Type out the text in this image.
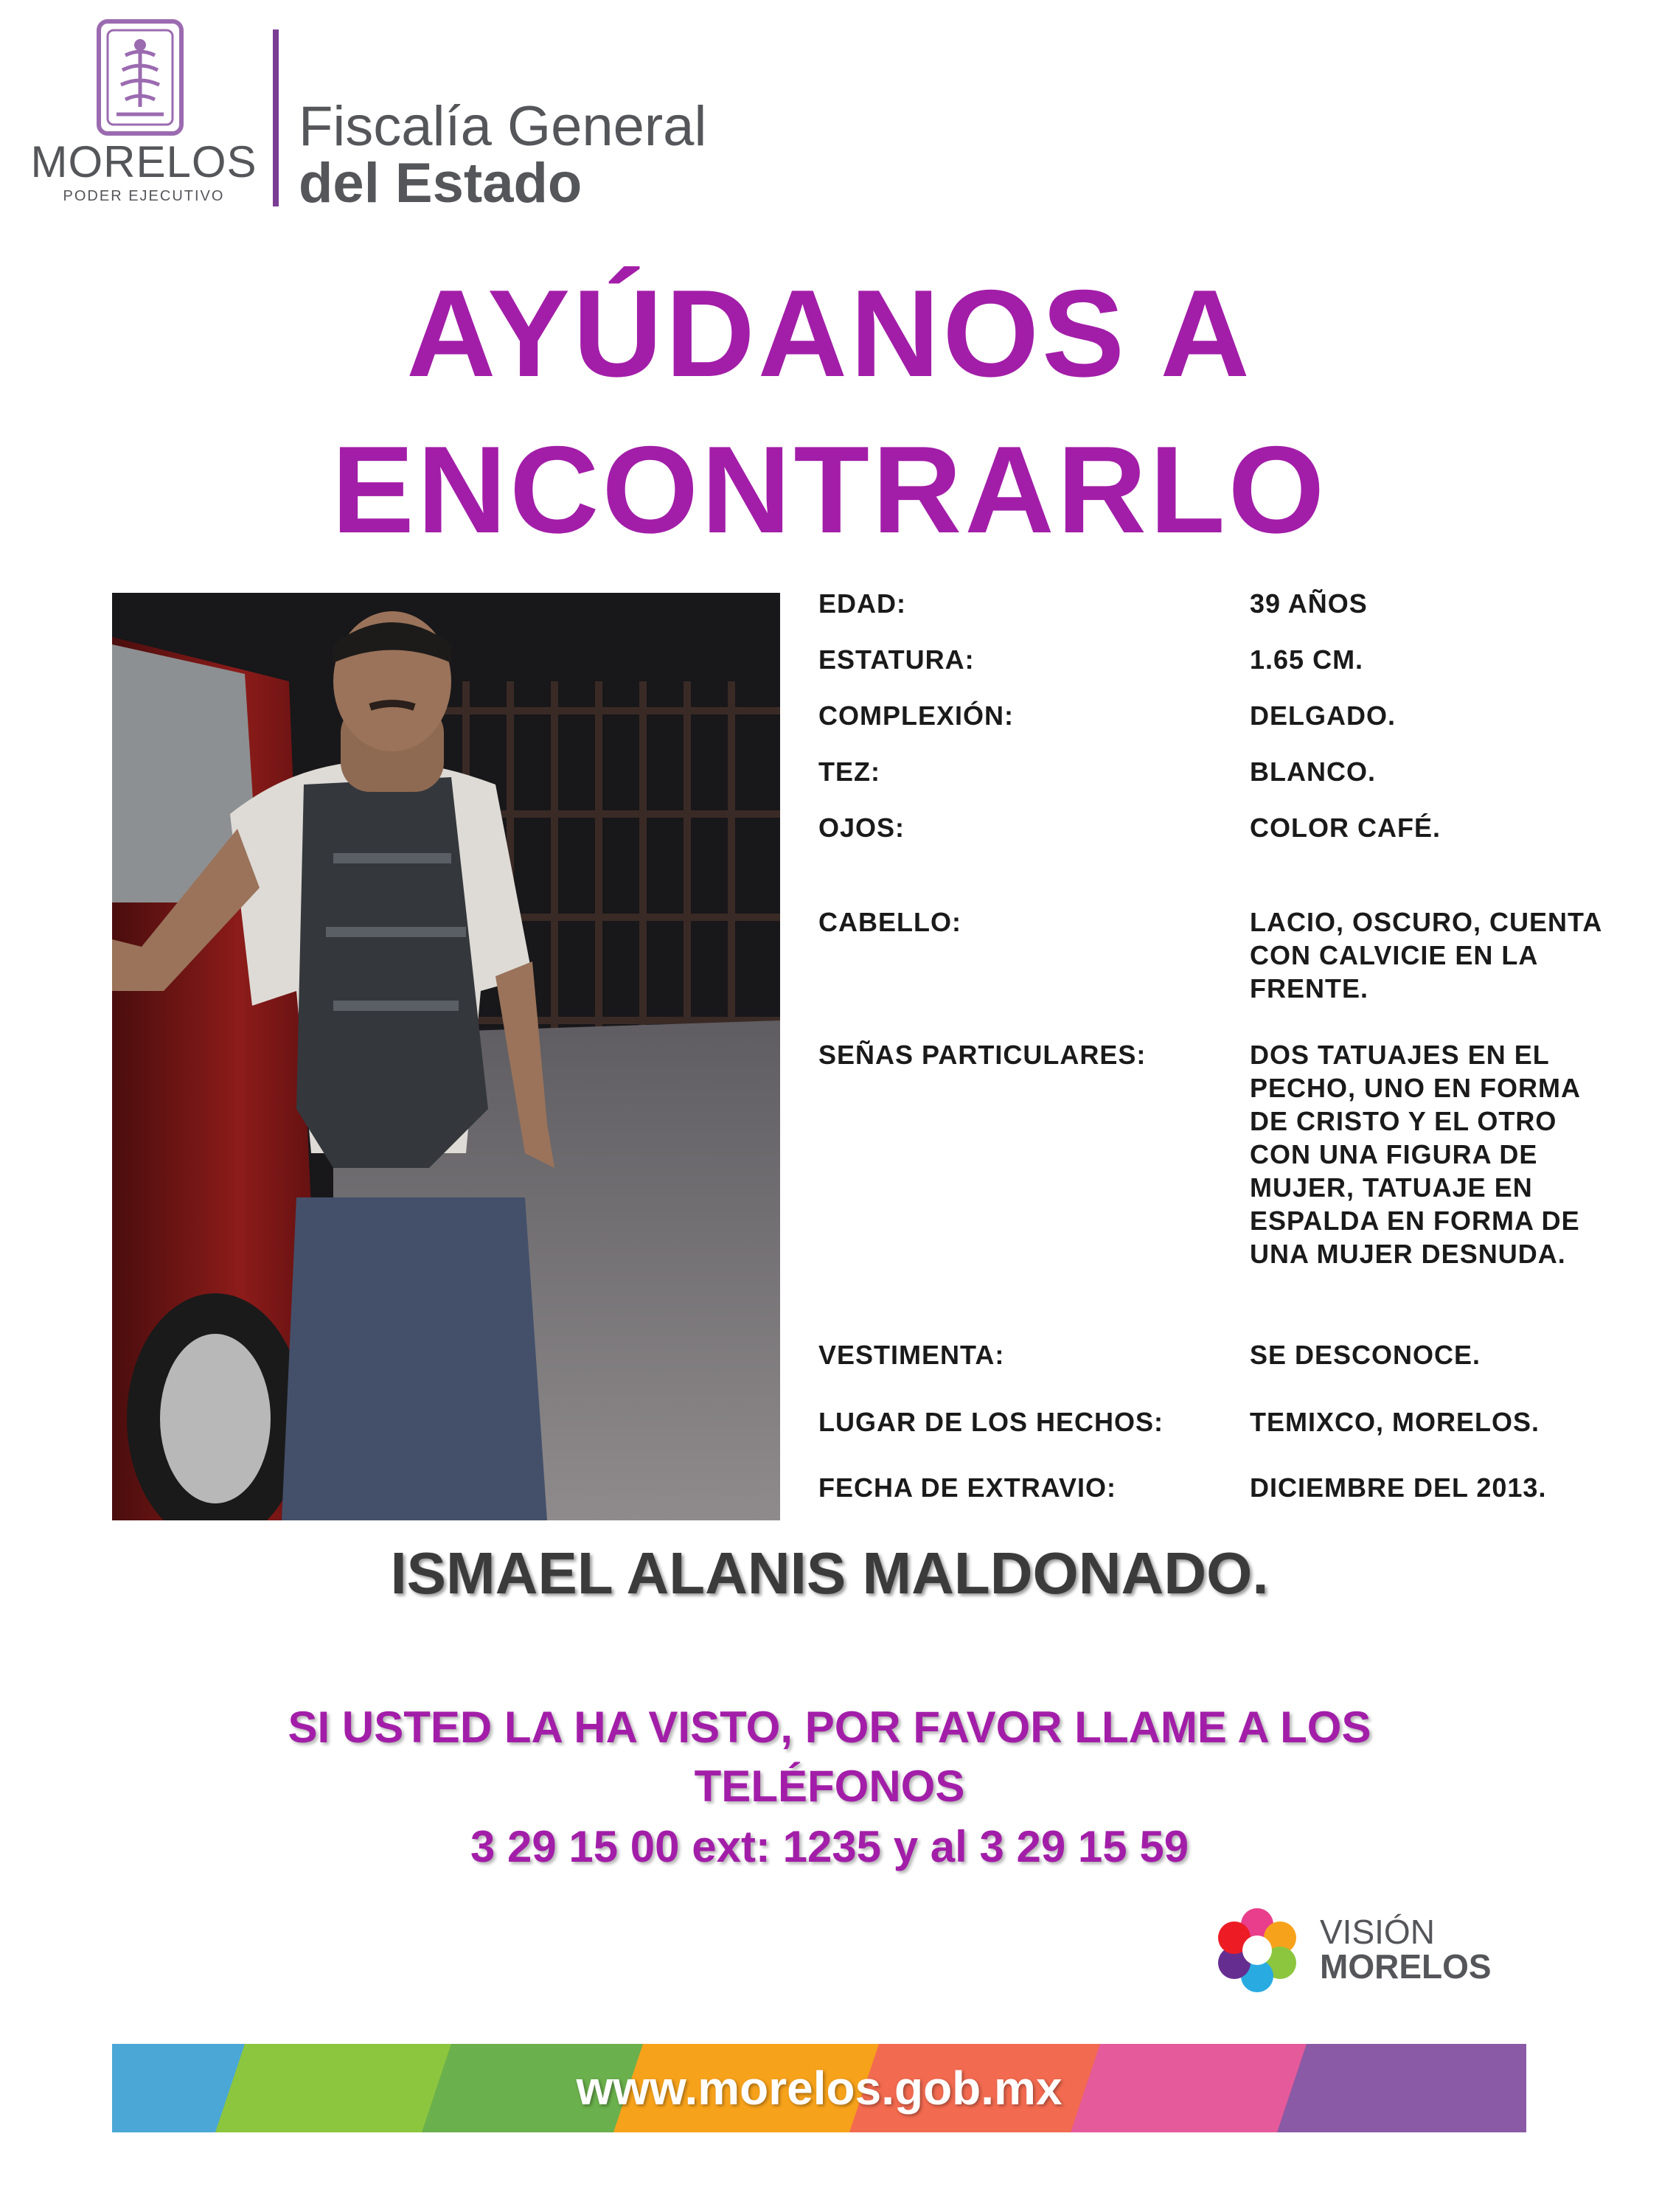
MORELOS
PODER EJECUTIVO
Fiscalía General
del Estado
AYÚDANOS A
ENCONTRARLO
EDAD:	39 AÑOS
ESTATURA:	1.65 CM.
COMPLEXIÓN:	DELGADO.
TEZ:	BLANCO.
OJOS:	COLOR CAFÉ.
CABELLO:	LACIO, OSCURO, CUENTA CON CALVICIE EN LA FRENTE.
SEÑAS PARTICULARES:	DOS TATUAJES EN EL PECHO, UNO EN FORMA DE CRISTO Y EL OTRO CON UNA FIGURA DE MUJER, TATUAJE EN ESPALDA EN FORMA DE UNA MUJER DESNUDA.
VESTIMENTA:	SE DESCONOCE.
LUGAR DE LOS HECHOS:	TEMIXCO, MORELOS.
FECHA DE EXTRAVIO:	DICIEMBRE DEL 2013.
ISMAEL ALANIS MALDONADO.
SI USTED LA HA VISTO, POR FAVOR LLAME A LOS
TELÉFONOS
3 29 15 00 ext: 1235 y al 3 29 15 59
VISIÓN
MORELOS
www.morelos.gob.mx
